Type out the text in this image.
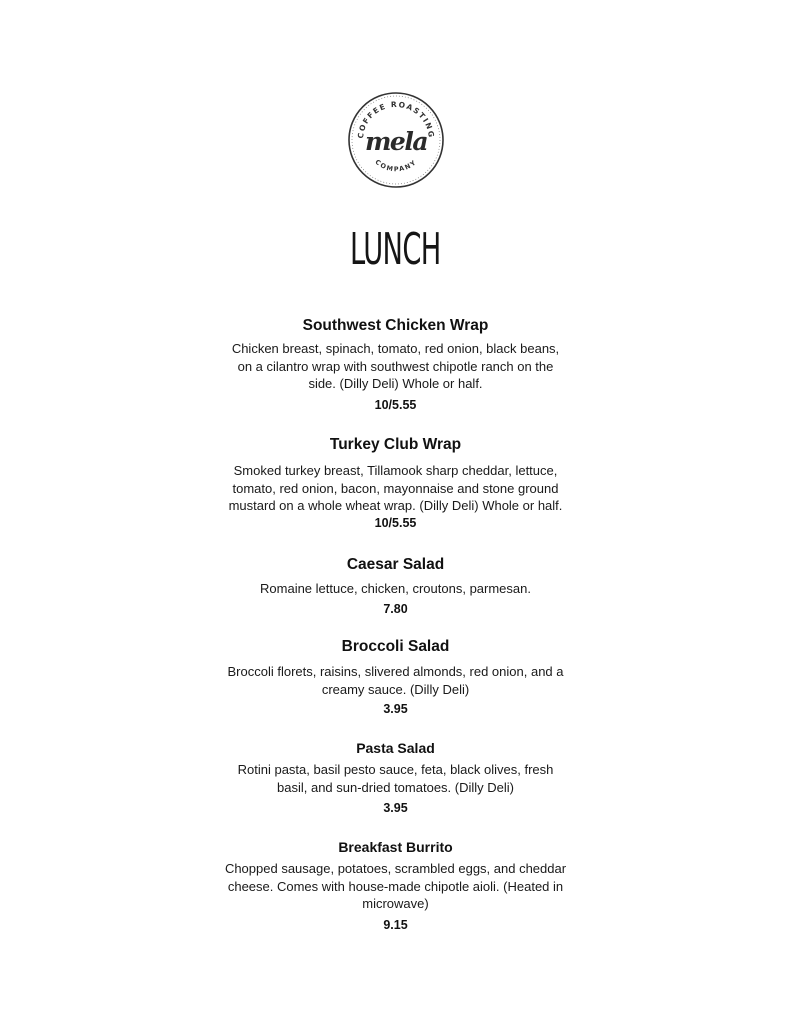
COFFEE ROASTING
COMPANY
mela
LUNCH
Southwest Chicken Wrap
Chicken breast, spinach, tomato, red onion, black beans,
on a cilantro wrap with southwest chipotle ranch on the
side. (Dilly Deli) Whole or half.
10/5.55
Turkey Club Wrap
Smoked turkey breast, Tillamook sharp cheddar, lettuce,
tomato, red onion, bacon, mayonnaise and stone ground
mustard on a whole wheat wrap. (Dilly Deli) Whole or half.
10/5.55
Caesar Salad
Romaine lettuce, chicken, croutons, parmesan.
7.80
Broccoli Salad
Broccoli florets, raisins, slivered almonds, red onion, and a
creamy sauce. (Dilly Deli)
3.95
Pasta Salad
Rotini pasta, basil pesto sauce, feta, black olives, fresh
basil, and sun-dried tomatoes. (Dilly Deli)
3.95
Breakfast Burrito
Chopped sausage, potatoes, scrambled eggs, and cheddar
cheese. Comes with house-made chipotle aioli. (Heated in
microwave)
9.15
